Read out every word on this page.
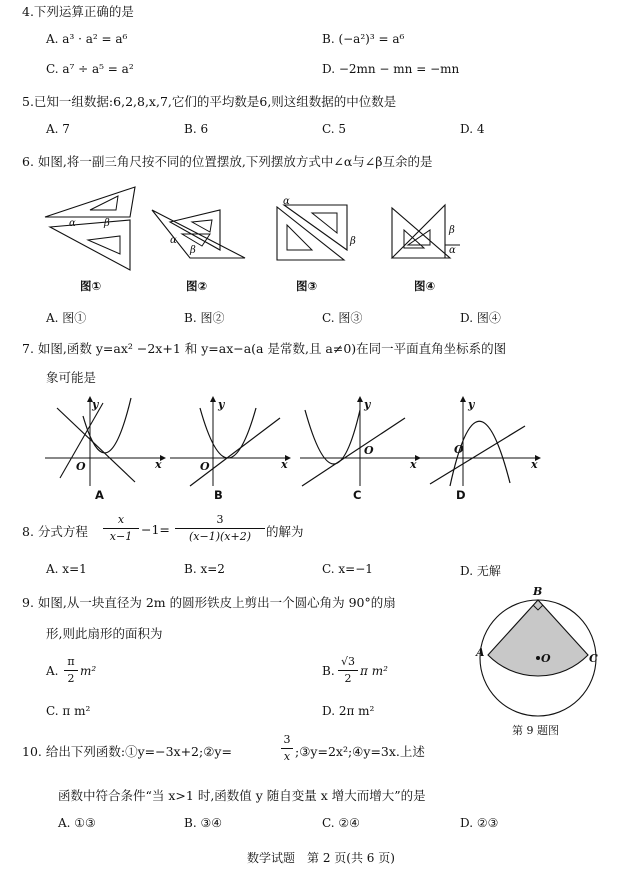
4.下列运算正确的是
A. a³ · a² = a⁶	B. (−a²)³ = a⁶
C. a⁷ ÷ a⁵ = a²	D. −2mn − mn = −mn
5.已知一组数据:6,2,8,x,7,它们的平均数是6,则这组数据的中位数是
A. 7	B. 6	C. 5	D. 4
6. 如图,将一副三角尺按不同的位置摆放,下列摆放方式中∠α与∠β互余的是
α	β
α
β
α
β
β
α
图①	图②	图③	图④
A. 图①	B. 图②	C. 图③	D. 图④
7. 如图,函数 y=ax² −2x+1 和 y=ax−a(a 是常数,且 a≠0)在同一平面直角坐标系的图
象可能是
y
x
O
A
y
x
O
B
y
x
O
C
y
x
O
D
8. 分式方程
x
x−1 −1=
3
(x−1)(x+2)	的解为
A. x=1	B. x=2	C. x=−1	D. 无解
9. 如图,从一块直径为 2m 的圆形铁皮上剪出一个圆心角为 90°的扇
形,则此扇形的面积为
A.
π
2
m²	B.
√3
2
π m²
C. π m²	D. 2π m²
B
A	C
O
第 9 题图
10. 给出下列函数:①y=−3x+2;②y=
3
x ;③y=2x²;④y=3x.上述
函数中符合条件“当 x>1 时,函数值 y 随自变量 x 增大而增大”的是
A. ①③	B. ③④	C. ②④	D. ②③
数学试题　第 2 页(共 6 页)
